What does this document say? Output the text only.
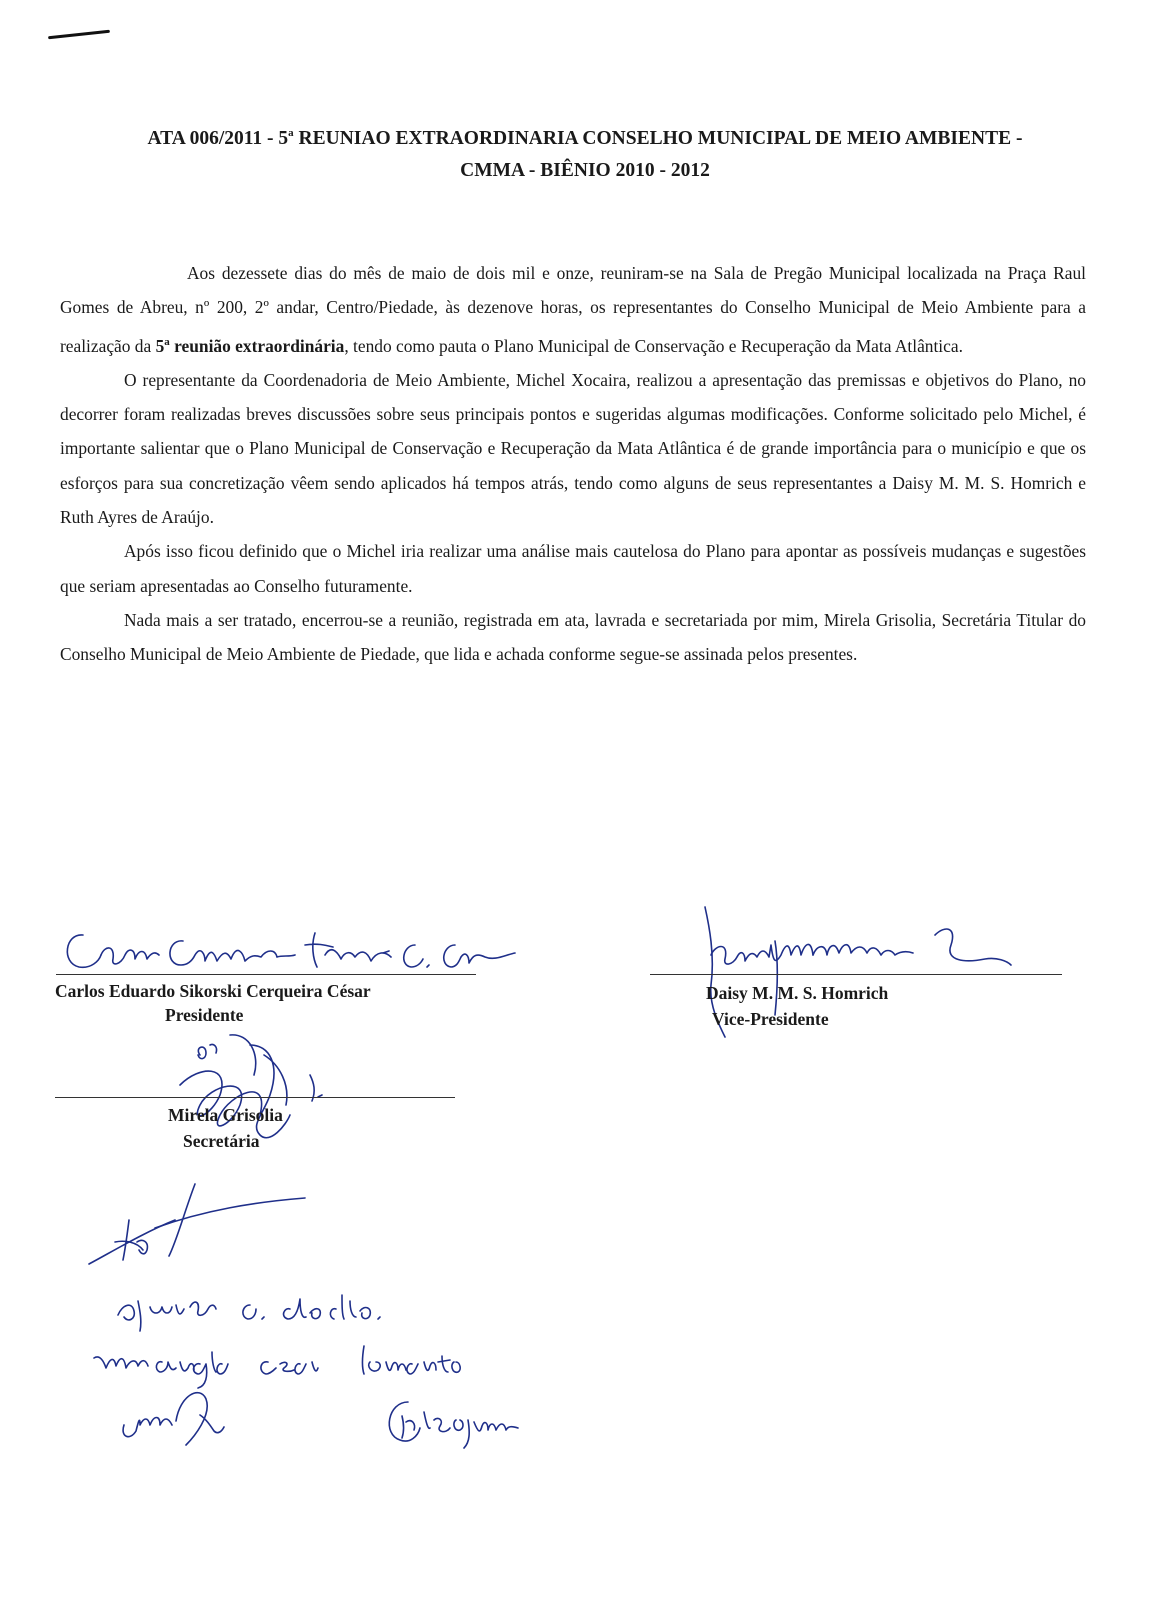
ATA 006/2011 - 5$^a$ REUNIAO EXTRAORDINARIA CONSELHO MUNICIPAL DE MEIO AMBIENTE -
CMMA - BIÊNIO 2010 - 2012

Aos dezessete dias do mês de maio de dois mil e onze, reuniram-se na Sala de Pregão Municipal localizada na Praça Raul Gomes de Abreu, nº 200, 2º andar, Centro/Piedade, às dezenove horas, os representantes do Conselho Municipal de Meio Ambiente para a realização da 5$^a$ reunião extraordinária, tendo como pauta o Plano Municipal de Conservação e Recuperação da Mata Atlântica.

O representante da Coordenadoria de Meio Ambiente, Michel Xocaira, realizou a apresentação das premissas e objetivos do Plano, no decorrer foram realizadas breves discussões sobre seus principais pontos e sugeridas algumas modificações. Conforme solicitado pelo Michel, é importante salientar que o Plano Municipal de Conservação e Recuperação da Mata Atlântica é de grande importância para o município e que os esforços para sua concretização vêem sendo aplicados há tempos atrás, tendo como alguns de seus representantes a Daisy M. M. S. Homrich e Ruth Ayres de Araújo.

Após isso ficou definido que o Michel iria realizar uma análise mais cautelosa do Plano para apontar as possíveis mudanças e sugestões que seriam apresentadas ao Conselho futuramente.

Nada mais a ser tratado, encerrou-se a reunião, registrada em ata, lavrada e secretariada por mim, Mirela Grisolia, Secretária Titular do Conselho Municipal de Meio Ambiente de Piedade, que lida e achada conforme segue-se assinada pelos presentes.

Carlos Eduardo Sikorski Cerqueira César
Presidente
Daisy M. M. S. Homrich
Vice-Presidente
Mirela Grisolia
Secretária
